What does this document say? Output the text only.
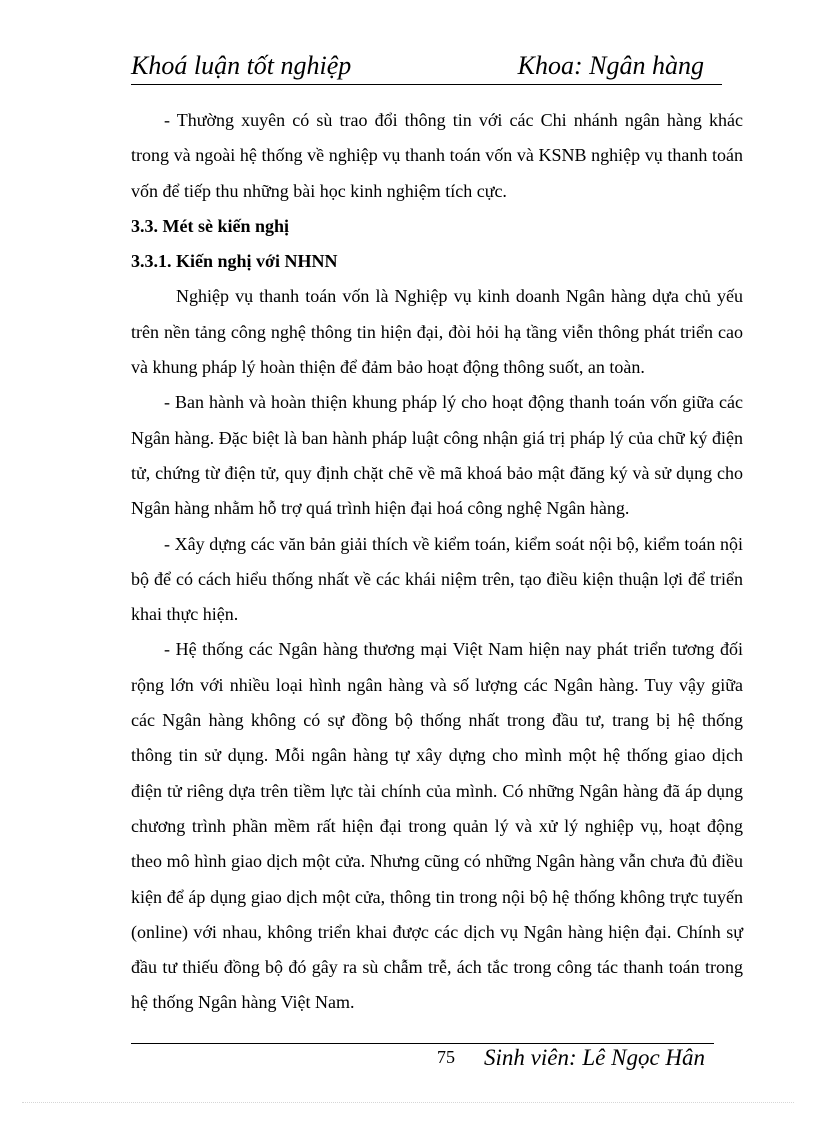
Khoá luận tốt nghiệp	Khoa: Ngân hàng

- Thường xuyên có sù trao đổi thông tin với các Chi nhánh ngân hàng khác trong và ngoài hệ thống về nghiệp vụ thanh toán vốn và KSNB nghiệp vụ thanh toán vốn để tiếp thu những bài học kinh nghiệm tích cực.

3.3. Mét sè kiến nghị

3.3.1. Kiến nghị với NHNN

Nghiệp vụ thanh toán vốn là Nghiệp vụ kinh doanh Ngân hàng dựa chủ yếu trên nền tảng công nghệ thông tin hiện đại, đòi hỏi hạ tầng viễn thông phát triển cao và khung pháp lý hoàn thiện để đảm bảo hoạt động thông suốt, an toàn.

- Ban hành và hoàn thiện khung pháp lý cho hoạt động thanh toán vốn giữa các Ngân hàng. Đặc biệt là ban hành pháp luật công nhận giá trị pháp lý của chữ ký điện tử, chứng từ điện tử, quy định chặt chẽ về mã khoá bảo mật đăng ký và sử dụng cho Ngân hàng nhằm hỗ trợ quá trình hiện đại hoá công nghệ Ngân hàng.

- Xây dựng các văn bản giải thích về kiểm toán, kiểm soát nội bộ, kiểm toán nội bộ để có cách hiểu thống nhất về các khái niệm trên, tạo điều kiện thuận lợi để triển khai thực hiện.

- Hệ thống các Ngân hàng thương mại Việt Nam hiện nay phát triển tương đối rộng lớn với nhiều loại hình ngân hàng và số lượng các Ngân hàng. Tuy vậy giữa các Ngân hàng không có sự đồng bộ thống nhất trong đầu tư, trang bị hệ thống thông tin sử dụng. Mỗi ngân hàng tự xây dựng cho mình một hệ thống giao dịch điện tử riêng dựa trên tiềm lực tài chính của mình. Có những Ngân hàng đã áp dụng chương trình phần mềm rất hiện đại trong quản lý và xử lý nghiệp vụ, hoạt động theo mô hình giao dịch một cửa. Nhưng cũng có những Ngân hàng vẫn chưa đủ điều kiện để áp dụng giao dịch một cửa, thông tin trong nội bộ hệ thống không trực tuyến (online) với nhau, không triển khai được các dịch vụ Ngân hàng hiện đại. Chính sự đầu tư thiếu đồng bộ đó gây ra sù chẫm trễ, ách tắc trong công tác thanh toán trong hệ thống Ngân hàng Việt Nam.

75 Sinh viên: Lê Ngọc Hân
